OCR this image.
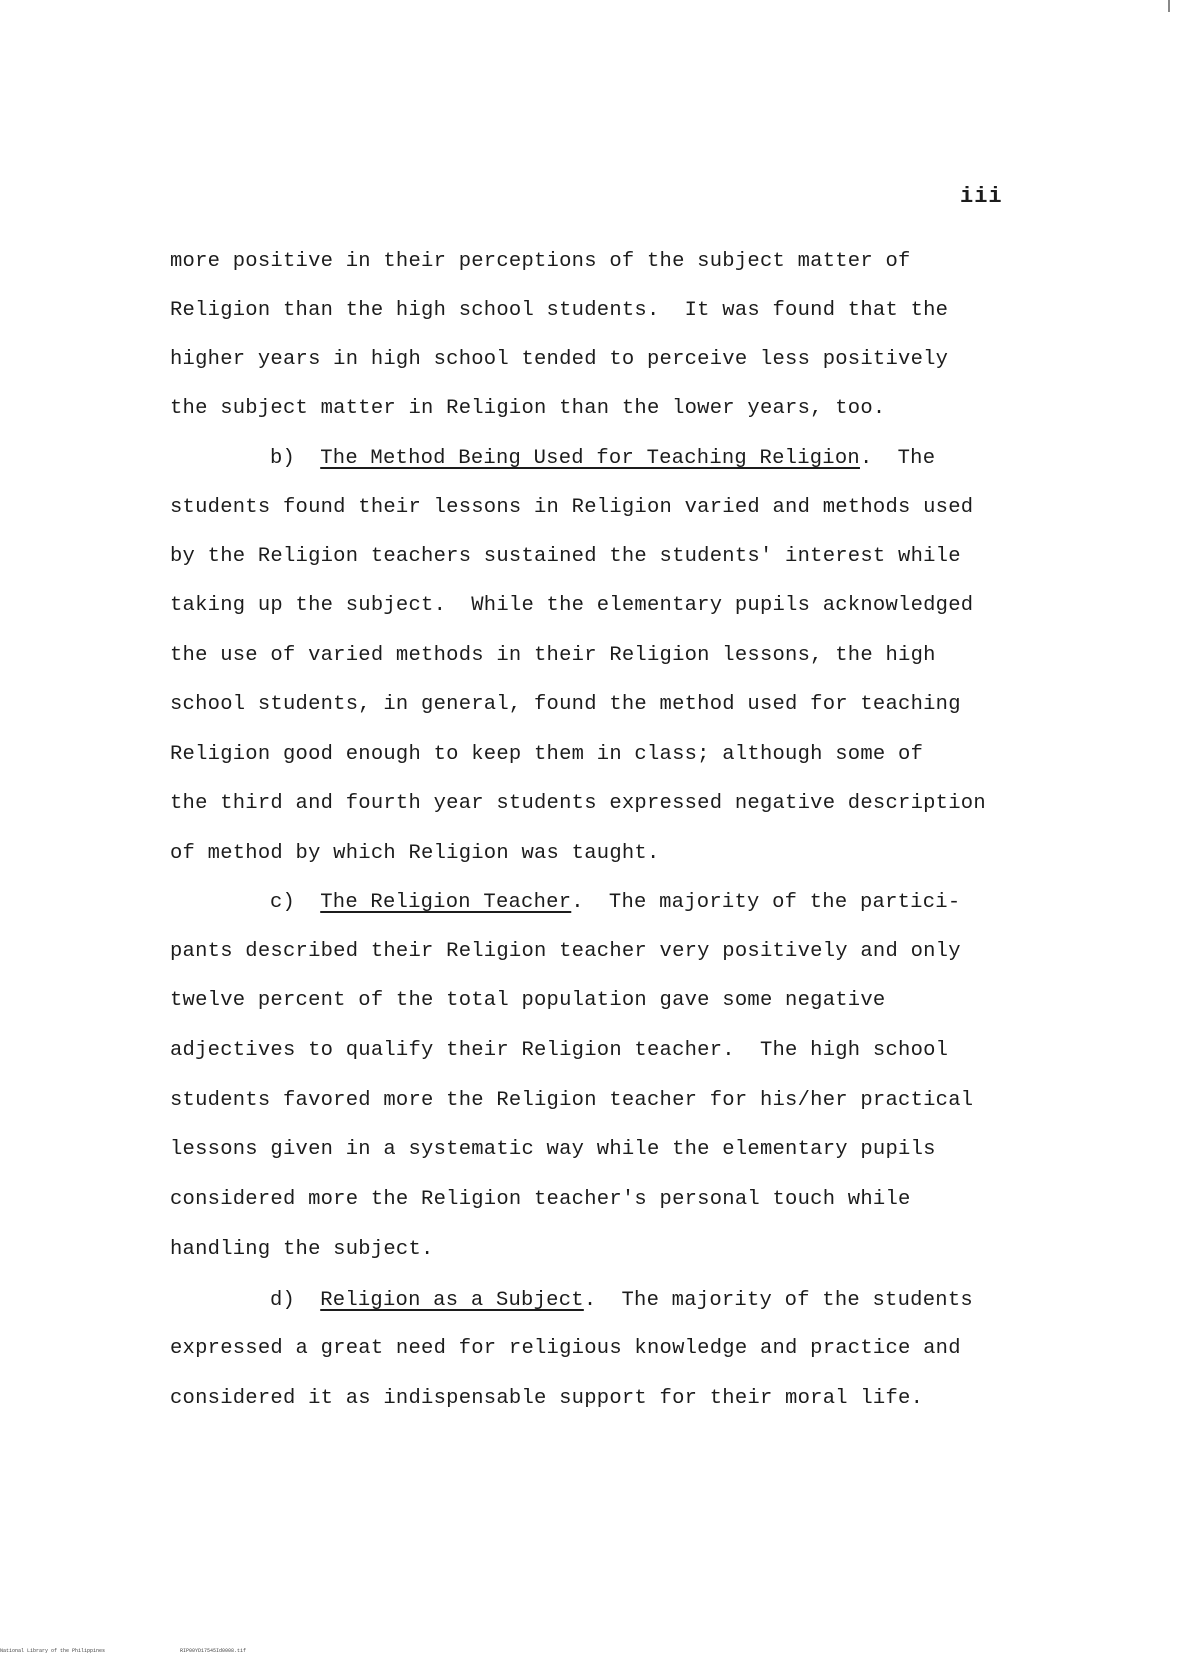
iii
more positive in their perceptions of the subject matter of
Religion than the high school students.  It was found that the
higher years in high school tended to perceive less positively
the subject matter in Religion than the lower years, too.
b)  The Method Being Used for Teaching Religion.  The
students found their lessons in Religion varied and methods used
by the Religion teachers sustained the students' interest while
taking up the subject.  While the elementary pupils acknowledged
the use of varied methods in their Religion lessons, the high
school students, in general, found the method used for teaching
Religion good enough to keep them in class; although some of
the third and fourth year students expressed negative description
of method by which Religion was taught.
c)  The Religion Teacher.  The majority of the partici-
pants described their Religion teacher very positively and only
twelve percent of the total population gave some negative
adjectives to qualify their Religion teacher.  The high school
students favored more the Religion teacher for his/her practical
lessons given in a systematic way while the elementary pupils
considered more the Religion teacher's personal touch while
handling the subject.
d)  Religion as a Subject.  The majority of the students
expressed a great need for religious knowledge and practice and
considered it as indispensable support for their moral life.
National Library of the Philippines	RIP00YD17545Id0008.tif
